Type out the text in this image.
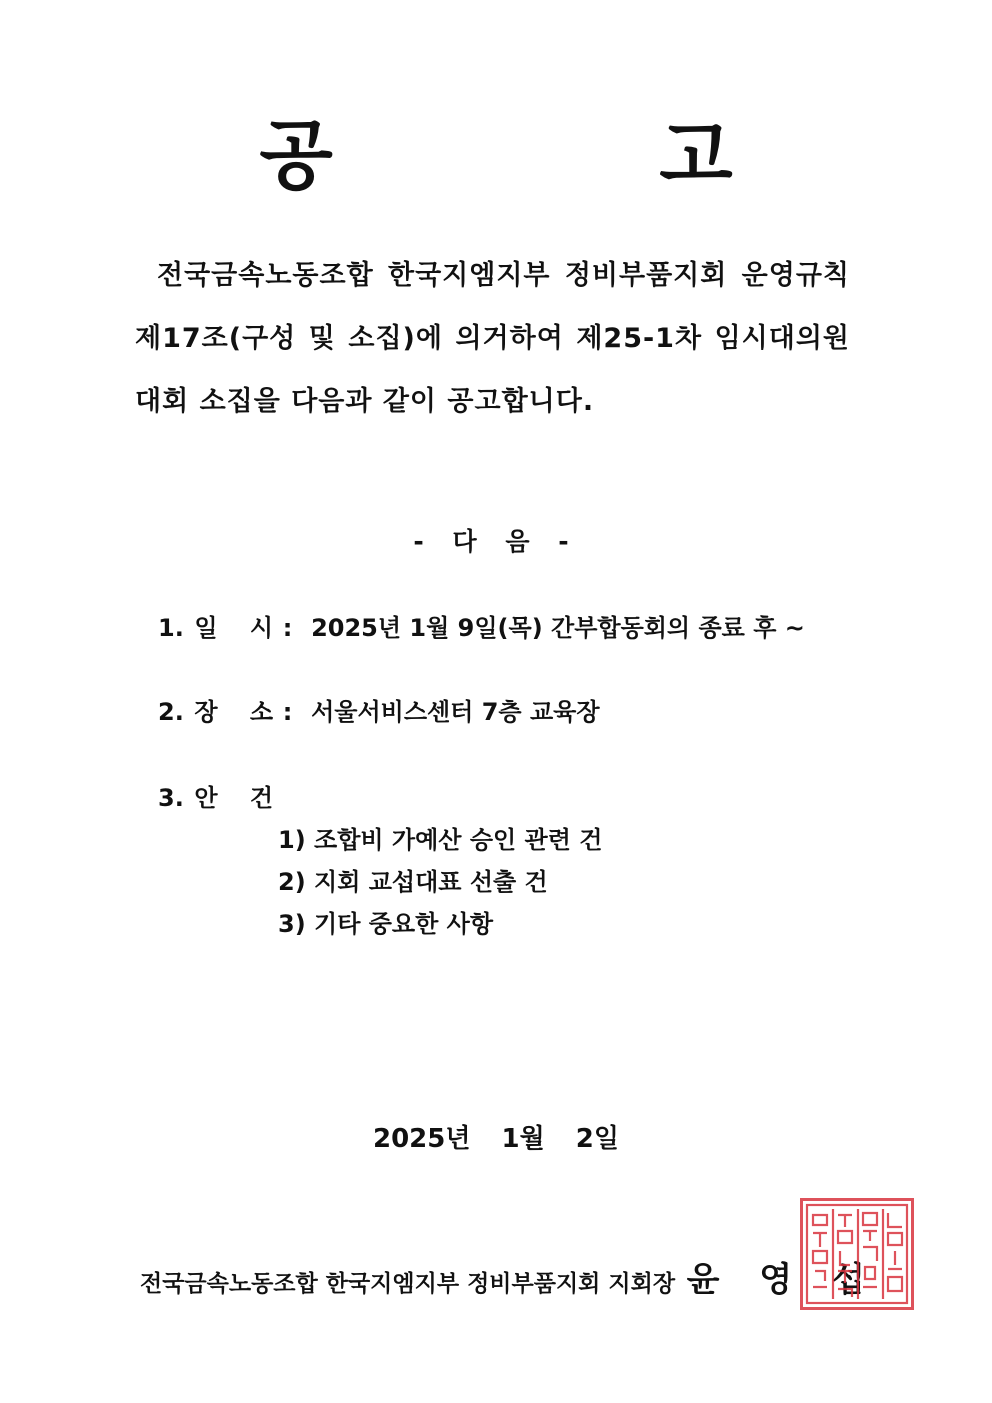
공 고
전국금속노동조합 한국지엠지부 정비부품지회 운영규칙 제17조(구성 및 소집)에 의거하여 제25-1차 임시대의원 대회 소집을 다음과 같이 공고합니다.
- 다 음 -
1. 일 시 : 2025년 1월 9일(목) 간부합동회의 종료 후 ~
2. 장 소 : 서울서비스센터 7층 교육장
3. 안 건
1) 조합비 가예산 승인 관련 건
2) 지회 교섭대표 선출 건
3) 기타 중요한 사항
2025년 1월 2일
전국금속노동조합 한국지엠지부 정비부품지회 지회장 윤 영 섭
